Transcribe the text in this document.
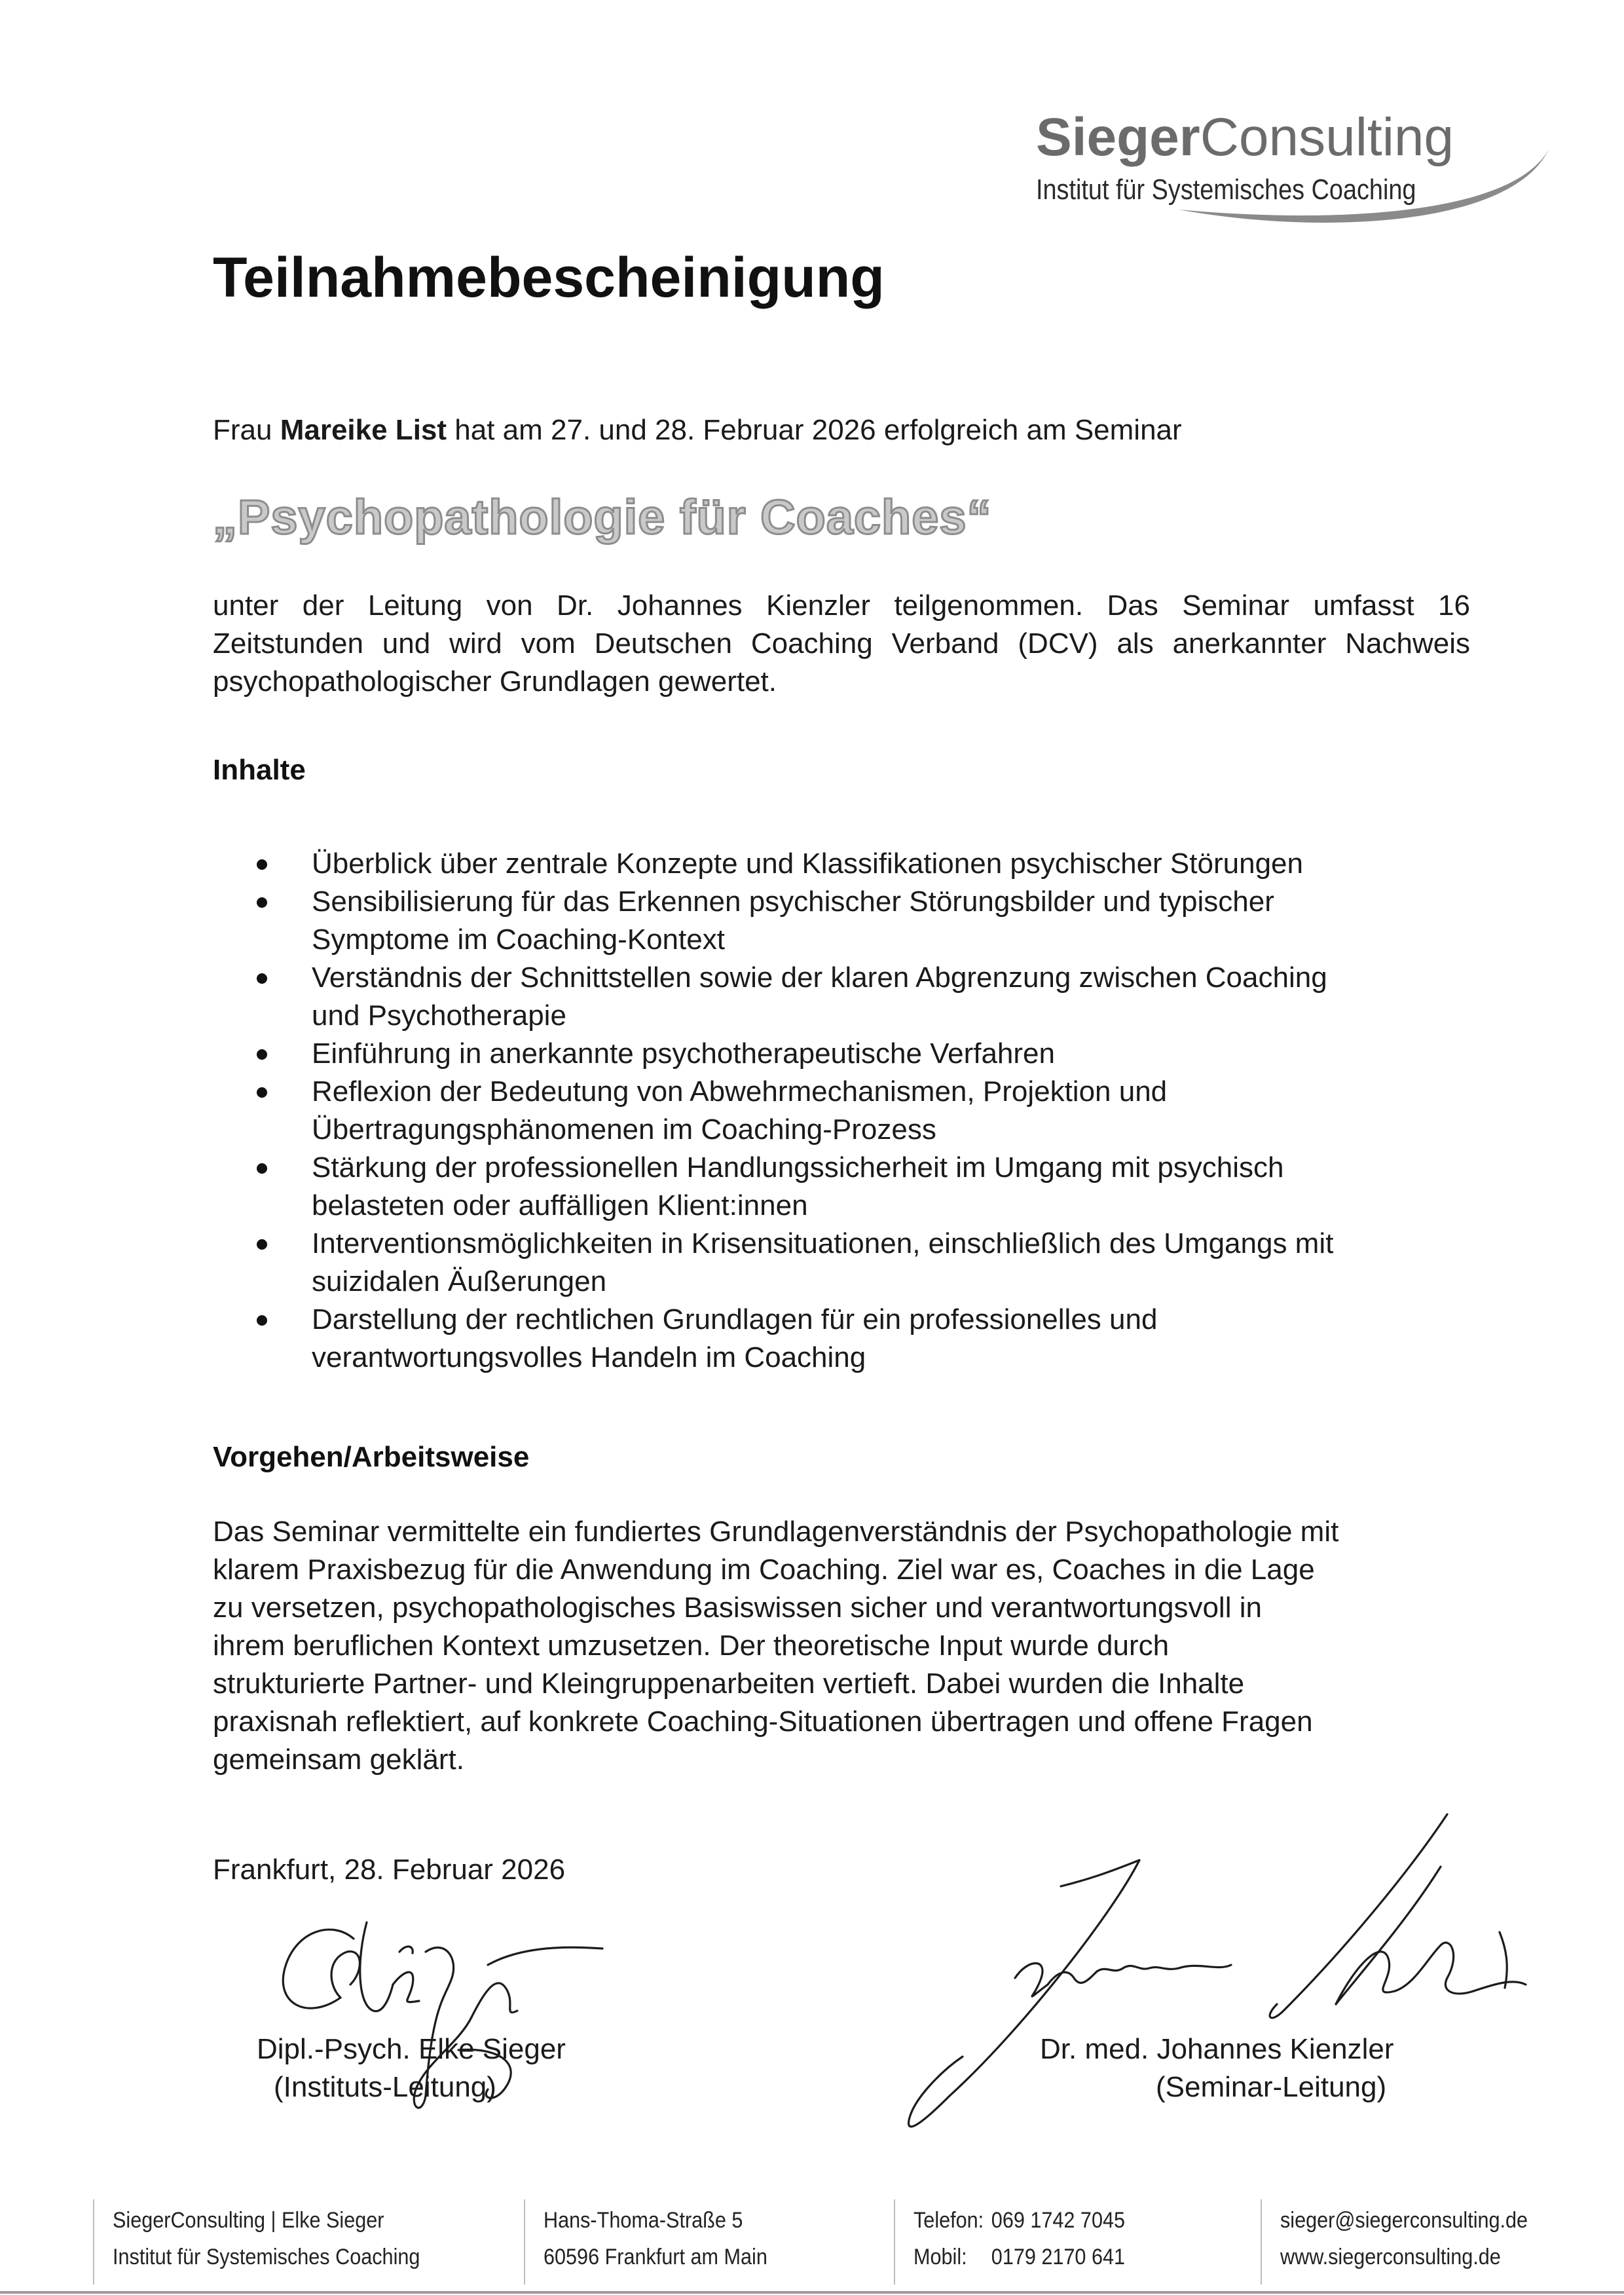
SiegerConsulting
Institut für Systemisches Coaching
Teilnahmebescheinigung
Frau Mareike List hat am 27. und 28. Februar 2026 erfolgreich am Seminar
„Psychopathologie für Coaches“
unter der Leitung von Dr. Johannes Kienzler teilgenommen. Das Seminar umfasst 16
Zeitstunden und wird vom Deutschen Coaching Verband (DCV) als anerkannter Nachweis
psychopathologischer Grundlagen gewertet.
Inhalte
Überblick über zentrale Konzepte und Klassifikationen psychischer Störungen
Sensibilisierung für das Erkennen psychischer Störungsbilder und typischer
Symptome im Coaching-Kontext
Verständnis der Schnittstellen sowie der klaren Abgrenzung zwischen Coaching
und Psychotherapie
Einführung in anerkannte psychotherapeutische Verfahren
Reflexion der Bedeutung von Abwehrmechanismen, Projektion und
Übertragungsphänomenen im Coaching-Prozess
Stärkung der professionellen Handlungssicherheit im Umgang mit psychisch
belasteten oder auffälligen Klient:innen
Interventionsmöglichkeiten in Krisensituationen, einschließlich des Umgangs mit
suizidalen Äußerungen
Darstellung der rechtlichen Grundlagen für ein professionelles und
verantwortungsvolles Handeln im Coaching
Vorgehen/Arbeitsweise
Das Seminar vermittelte ein fundiertes Grundlagenverständnis der Psychopathologie mit
klarem Praxisbezug für die Anwendung im Coaching. Ziel war es, Coaches in die Lage
zu versetzen, psychopathologisches Basiswissen sicher und verantwortungsvoll in
ihrem beruflichen Kontext umzusetzen. Der theoretische Input wurde durch
strukturierte Partner- und Kleingruppenarbeiten vertieft. Dabei wurden die Inhalte
praxisnah reflektiert, auf konkrete Coaching-Situationen übertragen und offene Fragen
gemeinsam geklärt.
Frankfurt, 28. Februar 2026
Dipl.-Psych. Elke Sieger
(Instituts-Leitung)
Dr. med. Johannes Kienzler
(Seminar-Leitung)
SiegerConsulting | Elke Sieger
Institut für Systemisches Coaching
Hans-Thoma-Straße 5
60596 Frankfurt am Main
Telefon: 069 1742 7045
Mobil: 0179 2170 641
sieger@siegerconsulting.de
www.siegerconsulting.de
